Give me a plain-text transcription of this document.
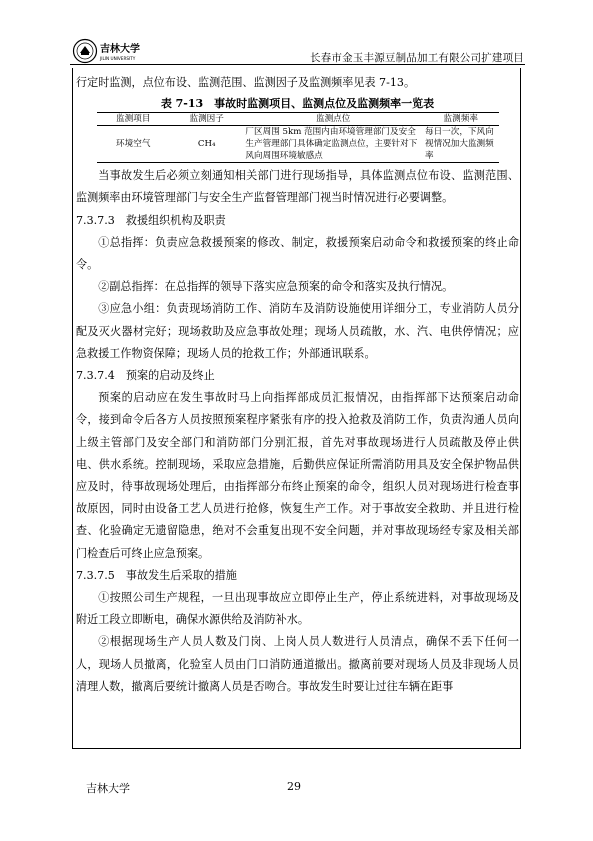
吉林大学
JILIN UNIVERSITY	长春市金玉丰源豆制品加工有限公司扩建项目

行定时监测，点位布设、监测范围、监测因子及监测频率见表 7-13。

表 7-13　事故时监测项目、监测点位及监测频率一览表
监测项目	监测因子	监测点位	监测频率
环境空气	CH₄	厂区周围 5km 范围内由环境管理部门及安全生产管理部门具体确定监测点位，主要针对下风向周围环境敏感点	每日一次，下风向视情况加大监测频率

当事故发生后必须立刻通知相关部门进行现场指导，具体监测点位布设、监测范围、监测频率由环境管理部门与安全生产监督管理部门视当时情况进行必要调整。

7.3.7.3　救援组织机构及职责

①总指挥：负责应急救援预案的修改、制定，救援预案启动命令和救援预案的终止命令。

②副总指挥：在总指挥的领导下落实应急预案的命令和落实及执行情况。

③应急小组：负责现场消防工作、消防车及消防设施使用详细分工，专业消防人员分配及灭火器材完好；现场救助及应急事故处理；现场人员疏散，水、汽、电供停情况；应急救援工作物资保障；现场人员的抢救工作；外部通讯联系。

7.3.7.4　预案的启动及终止

预案的启动应在发生事故时马上向指挥部成员汇报情况，由指挥部下达预案启动命令，接到命令后各方人员按照预案程序紧张有序的投入抢救及消防工作，负责沟通人员向上级主管部门及安全部门和消防部门分别汇报，首先对事故现场进行人员疏散及停止供电、供水系统。控制现场，采取应急措施，后勤供应保证所需消防用具及安全保护物品供应及时，待事故现场处理后，由指挥部分布终止预案的命令，组织人员对现场进行检查事故原因，同时由设备工艺人员进行抢修，恢复生产工作。对于事故安全救助、并且进行检查、化验确定无遗留隐患，绝对不会重复出现不安全问题，并对事故现场经专家及相关部门检查后可终止应急预案。

7.3.7.5　事故发生后采取的措施

①按照公司生产规程，一旦出现事故应立即停止生产，停止系统进料，对事故现场及附近工段立即断电，确保水源供给及消防补水。

②根据现场生产人员人数及门岗、上岗人员人数进行人员清点，确保不丢下任何一人，现场人员撤离，化验室人员由门口消防通道撤出。撤离前要对现场人员及非现场人员清理人数，撤离后要统计撤离人员是否吻合。事故发生时要让过往车辆在距事

吉林大学	29
